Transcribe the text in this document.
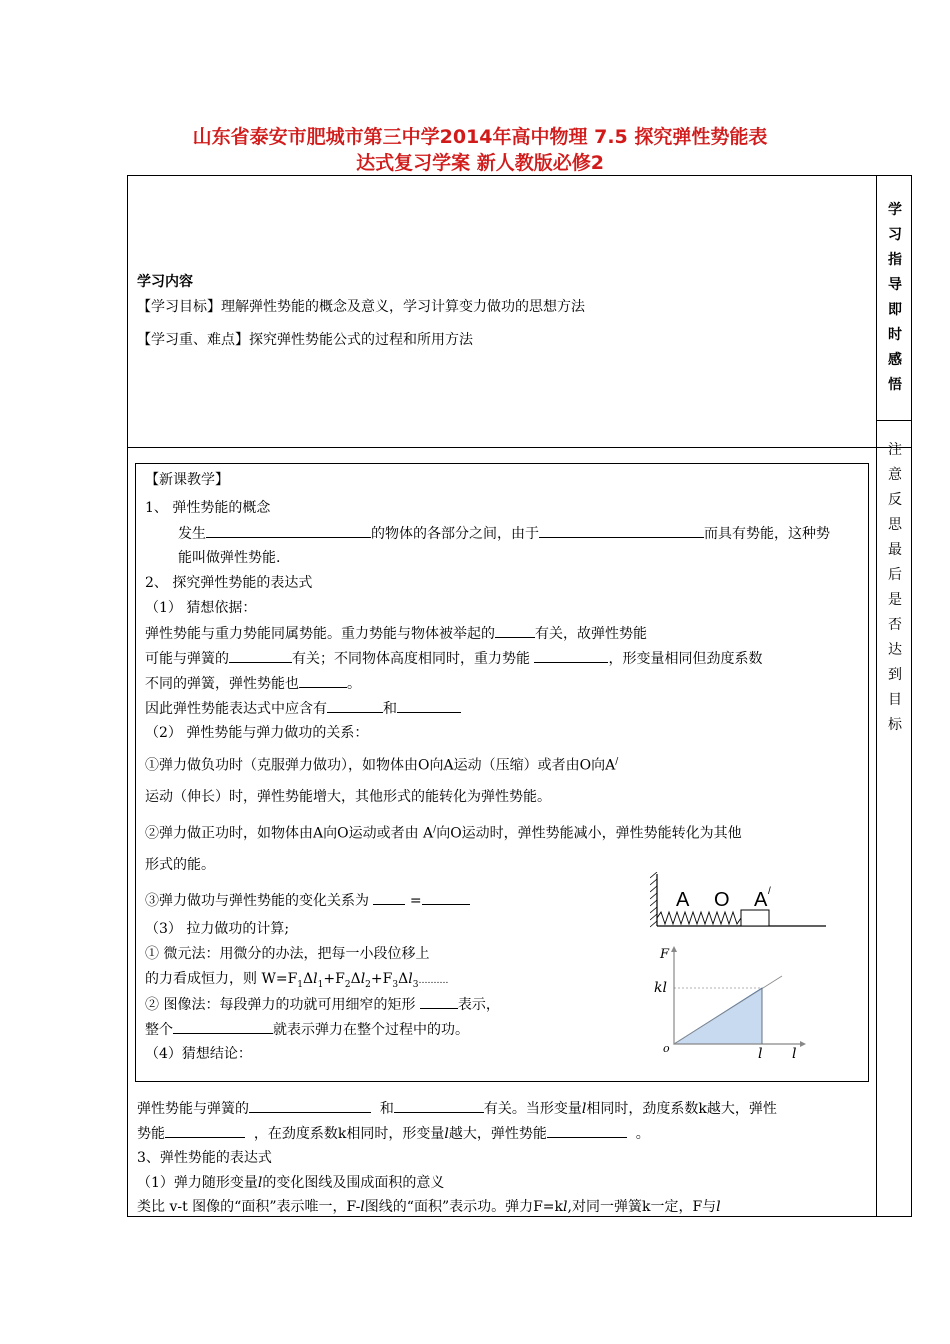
山东省泰安市肥城市第三中学2014年高中物理 7.5 探究弹性势能表
达式复习学案 新人教版必修2
学
习
指
导
即
时
感
悟
注
意
反
思
最
后
是
否
达
到
目
标
学习内容
【学习目标】理解弹性势能的概念及意义，学习计算变力做功的思想方法
【学习重、难点】探究弹性势能公式的过程和所用方法
【新课教学】
1、 弹性势能的概念
发生	的物体的各部分之间，由于	而具有势能，这种势
能叫做弹性势能.
2、 探究弹性势能的表达式
（1） 猜想依据：
弹性势能与重力势能同属势能。重力势能与物体被举起的	有关，故弹性势能
可能与弹簧的	有关；不同物体高度相同时，重力势能	，形变量相同但劲度系数
不同的弹簧，弹性势能也	。
因此弹性势能表达式中应含有	和
（2） 弹性势能与弹力做功的关系：
①弹力做负功时（克服弹力做功），如物体由O向A运动（压缩）或者由O向A/
运动（伸长）时，弹性势能增大，其他形式的能转化为弹性势能。
②弹力做正功时，如物体由A向O运动或者由 A/向O运动时，弹性势能减小，弹性势能转化为其他
形式的能。
③弹力做功与弹性势能的变化关系为	=
（3） 拉力做功的计算;
① 微元法：用微分的办法，把每一小段位移上
的力看成恒力，则 $W=F_1\Delta l_1+F_2\Delta l_2+F_3\Delta l_3\dots\dots\dots$.
② 图像法：每段弹力的功就可用细窄的矩形	表示，
整个	就表示弹力在整个过程中的功。
（4）猜想结论：
A O A /
F
kl
o	l l
弹性势能与弹簧的	和	有关。当形变量l相同时，劲度系数k越大，弹性
势能	，在劲度系数k相同时，形变量l越大，弹性势能	。
3、弹性势能的表达式
（1）弹力随形变量l的变化图线及围成面积的意义
类比 v-t 图像的“面积”表示唯一，F-l图线的“面积”表示功。弹力F=kl,对同一弹簧k一定，F与l
